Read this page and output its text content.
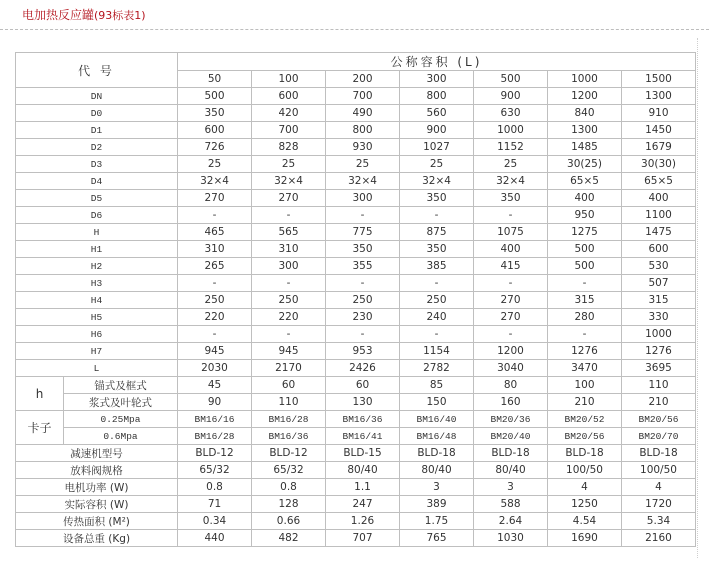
电加热反应罐(93标表1)
代 号		公称容积 (L)						
		50	100	200	300	500	1000	1500
DN		500	600	700	800	900	1200	1300
D0		350	420	490	560	630	840	910
D1		600	700	800	900	1000	1300	1450
D2		726	828	930	1027	1152	1485	1679
D3		25	25	25	25	25	30(25)	30(30)
D4		32×4	32×4	32×4	32×4	32×4	65×5	65×5
D5		270	270	300	350	350	400	400
D6		-	-	-	-	-	950	1100
H		465	565	775	875	1075	1275	1475
H1		310	310	350	350	400	500	600
H2		265	300	355	385	415	500	530
H3		-	-	-	-	-	-	507
H4		250	250	250	250	270	315	315
H5		220	220	230	240	270	280	330
H6		-	-	-	-	-	-	1000
H7		945	945	953	1154	1200	1276	1276
L		2030	2170	2426	2782	3040	3470	3695
h	锚式及框式	45	60	60	85	80	100	110
	浆式及叶轮式	90	110	130	150	160	210	210
卡子	0.25Mpa	BM16/16	BM16/28	BM16/36	BM16/40	BM20/36	BM20/52	BM20/56
	0.6Mpa	BM16/28	BM16/36	BM16/41	BM16/48	BM20/40	BM20/56	BM20/70
减速机型号		BLD-12	BLD-12	BLD-15	BLD-18	BLD-18	BLD-18	BLD-18
放料阀规格		65/32	65/32	80/40	80/40	80/40	100/50	100/50
电机功率 (W)		0.8	0.8	1.1	3	3	4	4
实际容积 (W)		71	128	247	389	588	1250	1720
传热面积 (M²)		0.34	0.66	1.26	1.75	2.64	4.54	5.34
设备总重 (Kg)		440	482	707	765	1030	1690	2160
